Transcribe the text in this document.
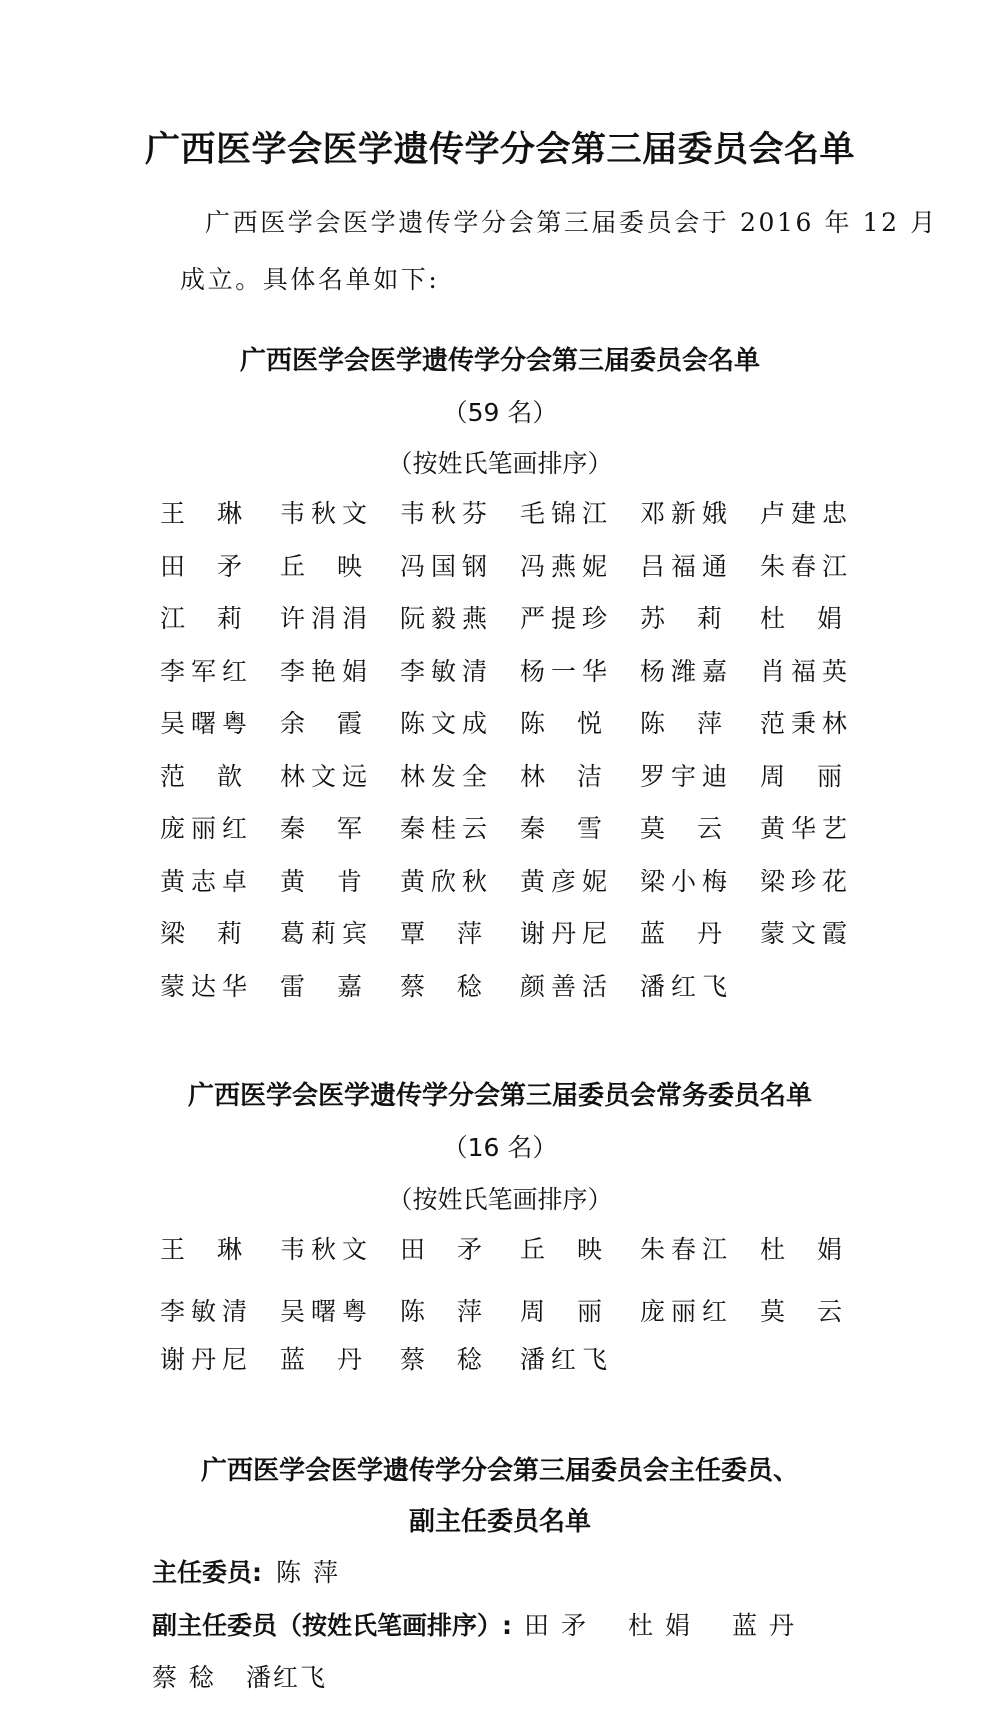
广西医学会医学遗传学分会第三届委员会名单
广西医学会医学遗传学分会第三届委员会于 2016 年 12 月
成立。具体名单如下:
广西医学会医学遗传学分会第三届委员会名单
（59 名）
（按姓氏笔画排序）
王琳 韦秋文	韦秋芬	毛锦江	邓新娥	卢建忠
田矛 丘映 冯国钢	冯燕妮	吕福通	朱春江
江莉 许涓涓	阮毅燕	严提珍	苏莉 杜娟
李军红	李艳娟	李敏清	杨一华	杨潍嘉	肖福英
吴曙粤	余霞 陈文成	陈悦 陈萍 范秉林
范歆 林文远	林发全	林洁 罗宇迪	周丽
庞丽红	秦军 秦桂云	秦雪 莫云 黄华艺
黄志卓	黄肯 黄欣秋	黄彦妮	梁小梅	梁珍花
梁莉 葛莉宾	覃萍 谢丹尼	蓝丹 蒙文霞
蒙达华	雷嘉 蔡稔 颜善活	潘红飞
广西医学会医学遗传学分会第三届委员会常务委员名单
（16 名）
（按姓氏笔画排序）
王琳 韦秋文	田矛 丘映 朱春江	杜娟
李敏清	吴曙粤	陈萍 周丽 庞丽红	莫云
谢丹尼	蓝丹 蔡稔 潘红飞
广西医学会医学遗传学分会第三届委员会主任委员、
副主任委员名单
主任委员: 陈萍
副主任委员（按姓氏笔画排序）: 田矛 杜娟 蓝丹
蔡稔 潘红飞
